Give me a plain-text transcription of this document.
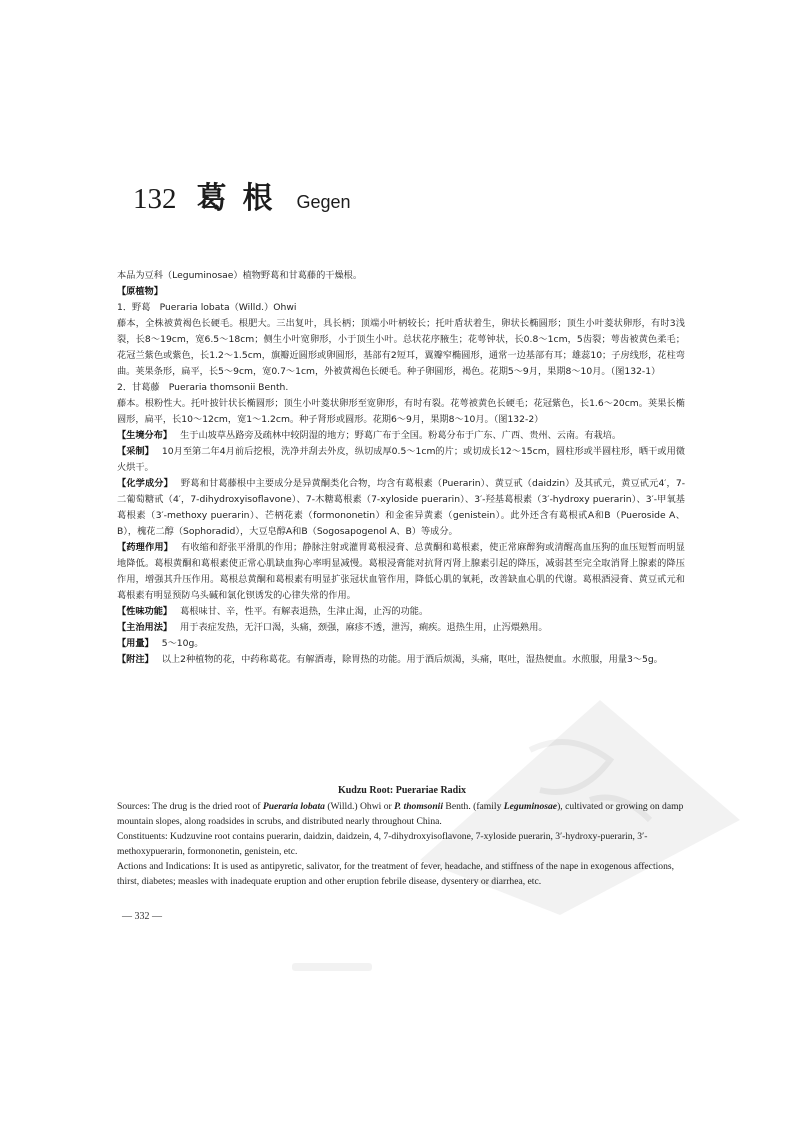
132 葛根 Gegen

本品为豆科（Leguminosae）植物野葛和甘葛藤的干燥根。

【原植物】

1．野葛　Pueraria lobata（Willd.）Ohwi

藤本，全株被黄褐色长硬毛。根肥大。三出复叶，具长柄；顶端小叶柄较长；托叶盾状着生，卵状长椭圆形；顶生小叶菱状卵形，有时3浅裂，长8～19cm，宽6.5～18cm；侧生小叶宽卵形，小于顶生小叶。总状花序腋生；花萼钟状，长0.8～1cm，5齿裂；萼齿被黄色柔毛；花冠兰紫色或紫色，长1.2～1.5cm，旗瓣近圆形或卵圆形，基部有2短耳，翼瓣窄椭圆形，通常一边基部有耳；雄蕊10；子房线形，花柱弯曲。荚果条形，扁平，长5～9cm，宽0.7～1cm，外被黄褐色长硬毛。种子卵圆形，褐色。花期5～9月，果期8～10月。（图132-1）

2．甘葛藤　Pueraria thomsonii Benth.

藤本。根粉性大。托叶披针状长椭圆形；顶生小叶菱状卵形至宽卵形，有时有裂。花萼被黄色长硬毛；花冠紫色，长1.6～20cm。荚果长椭圆形，扁平，长10～12cm，宽1～1.2cm。种子肾形或圆形。花期6～9月，果期8～10月。（图132-2）

【生境分布】 生于山坡草丛路旁及疏林中较阴湿的地方；野葛广布于全国。粉葛分布于广东、广西、贵州、云南。有栽培。

【采制】 10月至第二年4月前后挖根，洗净并刮去外皮，纵切成厚0.5～1cm的片；或切成长12～15cm，圆柱形或半圆柱形，晒干或用微火烘干。

【化学成分】 野葛和甘葛藤根中主要成分是异黄酮类化合物，均含有葛根素（Puerarin）、黄豆甙（daidzin）及其甙元，黄豆甙元4′，7-二葡萄糖甙（4′，7-dihydroxyisoflavone）、7-木糖葛根素（7-xyloside puerarin）、3′-羟基葛根素（3′-hydroxy puerarin）、3′-甲氧基葛根素（3′-methoxy puerarin）、芒柄花素（formononetin）和金雀异黄素（genistein）。此外还含有葛根甙A和B（Pueroside A、B），槐花二醇（Sophoradid），大豆皂醇A和B（Sogosapogenol A、B）等成分。

【药理作用】 有收缩和舒张平滑肌的作用；静脉注射或灌胃葛根浸膏、总黄酮和葛根素，使正常麻醉狗或清醒高血压狗的血压短暂而明显地降低。葛根黄酮和葛根素使正常心肌缺血狗心率明显减慢。葛根浸膏能对抗肾丙肾上腺素引起的降压，减弱甚至完全取消肾上腺素的降压作用，增强其升压作用。葛根总黄酮和葛根素有明显扩张冠状血管作用，降低心肌的氧耗，改善缺血心肌的代谢。葛根酒浸膏、黄豆甙元和葛根素有明显预防乌头碱和氯化钡诱发的心律失常的作用。

【性味功能】 葛根味甘、辛，性平。有解表退热，生津止渴，止泻的功能。

【主治用法】 用于表症发热，无汗口渴，头痛，颈强，麻疹不透，泄泻，痢疾。退热生用，止泻煨熟用。

【用量】 5～10g。

【附注】 以上2种植物的花，中药称葛花。有解酒毒，除胃热的功能。用于酒后烦渴，头痛，呕吐，湿热便血。水煎服，用量3～5g。

Kudzu Root: Puerariae Radix

Sources: The drug is the dried root of Pueraria lobata (Willd.) Ohwi or P. thomsonii Benth. (family Leguminosae), cultivated or growing on damp mountain slopes, along roadsides in scrubs, and distributed nearly throughout China.

Constituents: Kudzuvine root contains puerarin, daidzin, daidzein, 4, 7-dihydroxyisoflavone, 7-xyloside puerarin, 3′-hydroxy-puerarin, 3′-methoxypuerarin, formononetin, genistein, etc.

Actions and Indications: It is used as antipyretic, salivator, for the treatment of fever, headache, and stiffness of the nape in exogenous affections, thirst, diabetes; measles with inadequate eruption and other eruption febrile disease, dysentery or diarrhea, etc.

— 332 —
